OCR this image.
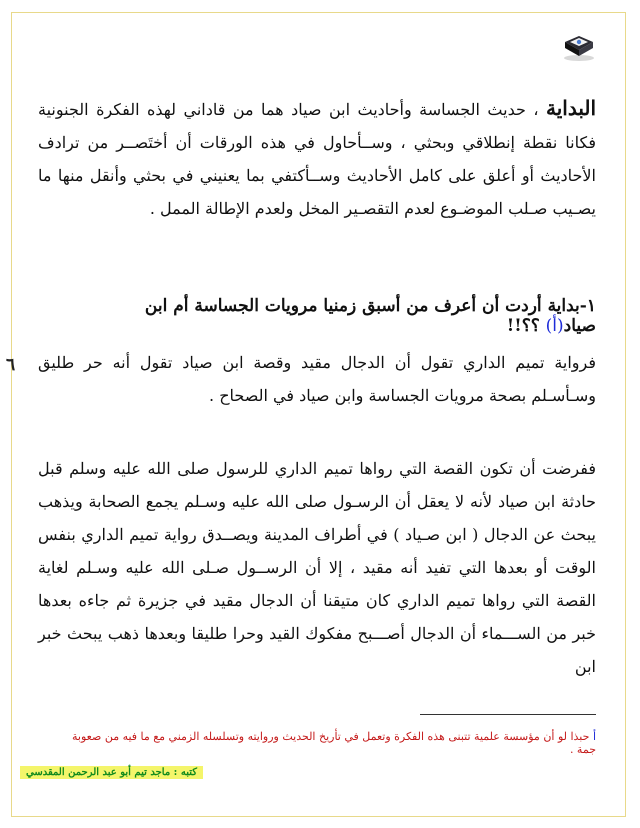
البداية ، حديث الجساسة وأحاديث ابن صياد هما من قاداني لهذه الفكرة الجنونية فكانا نقطة إنطلاقي وبحثي ، وســأحاول في هذه الورقات أن أختَصــر من ترادف الأحاديث أو أعلق على كامل الأحاديث وســأكتفي بما يعنيني في بحثي وأنقل منها ما يصـيب صـلب الموضـوع لعدم التقصـير المخل ولعدم الإطالة الممل .
١-بداية أردت أن أعرف من أسبق زمنيا مرويات الجساسة أم ابن صياد(أ) ؟؟!!
فرواية تميم الداري تقول أن الدجال مقيد وقصة ابن صياد تقول أنه حر طليق وسـأسـلم بصحة مرويات الجساسة وابن صياد في الصحاح .
٦
ففرضت أن تكون القصة التي رواها تميم الداري للرسول صلى الله عليه وسلم قبل حادثة ابن صياد لأنه لا يعقل أن الرسـول صلى الله عليه وسـلم يجمع الصحابة ويذهب يبحث عن الدجال ( ابن صـياد ) في أطراف المدينة ويصــدق رواية تميم الداري بنفس الوقت أو بعدها التي تفيد أنه مقيد ، إلا أن الرســول صـلى الله عليه وسـلم لغاية القصة التي رواها تميم الداري كان متيقنا أن الدجال مقيد في جزيرة ثم جاءه بعدها خبر من الســـماء أن الدجال أصـــبح مفكوك القيد وحرا طليقا وبعدها ذهب يبحث خبر ابن
أ حبذا لو أن مؤسسة علمية تتبنى هذه الفكرة وتعمل في تأريخ الحديث وروايته وتسلسله الزمني مع ما فيه من صعوبة جمة .
كتبه : ماجد تيم أبو عبد الرحمن المقدسي
